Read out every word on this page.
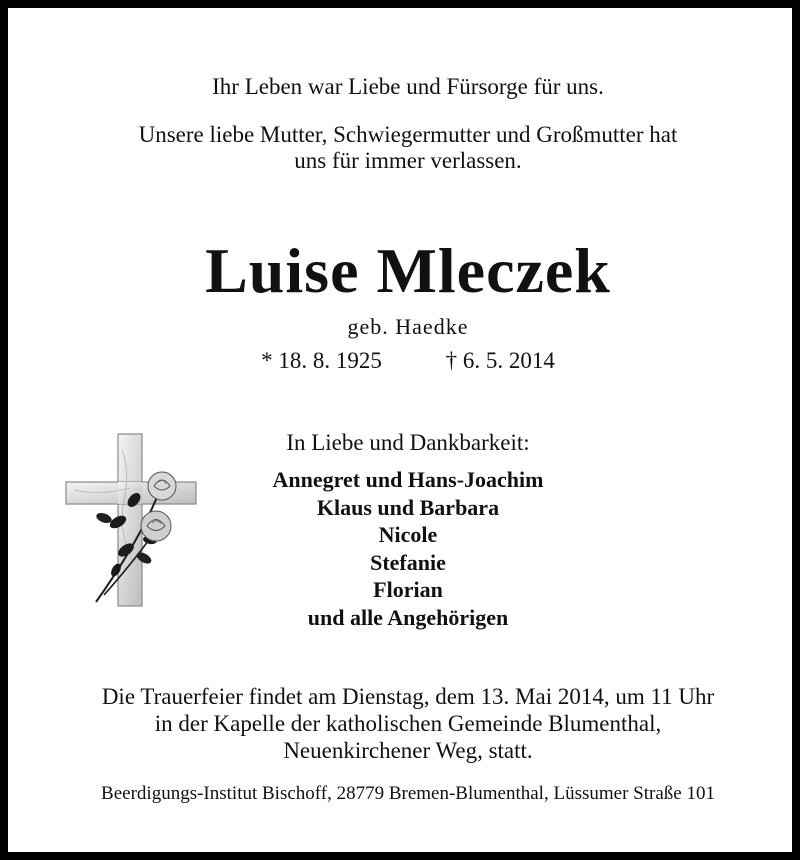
Ihr Leben war Liebe und Fürsorge für uns.
Unsere liebe Mutter, Schwiegermutter und Großmutter hat
uns für immer verlassen.
Luise Mleczek
geb. Haedke
* 18. 8. 1925	† 6. 5. 2014
In Liebe und Dankbarkeit:
Annegret und Hans-Joachim
Klaus und Barbara
Nicole
Stefanie
Florian
und alle Angehörigen
Die Trauerfeier findet am Dienstag, dem 13. Mai 2014, um 11 Uhr
in der Kapelle der katholischen Gemeinde Blumenthal,
Neuenkirchener Weg, statt.
Beerdigungs-Institut Bischoff, 28779 Bremen-Blumenthal, Lüssumer Straße 101
